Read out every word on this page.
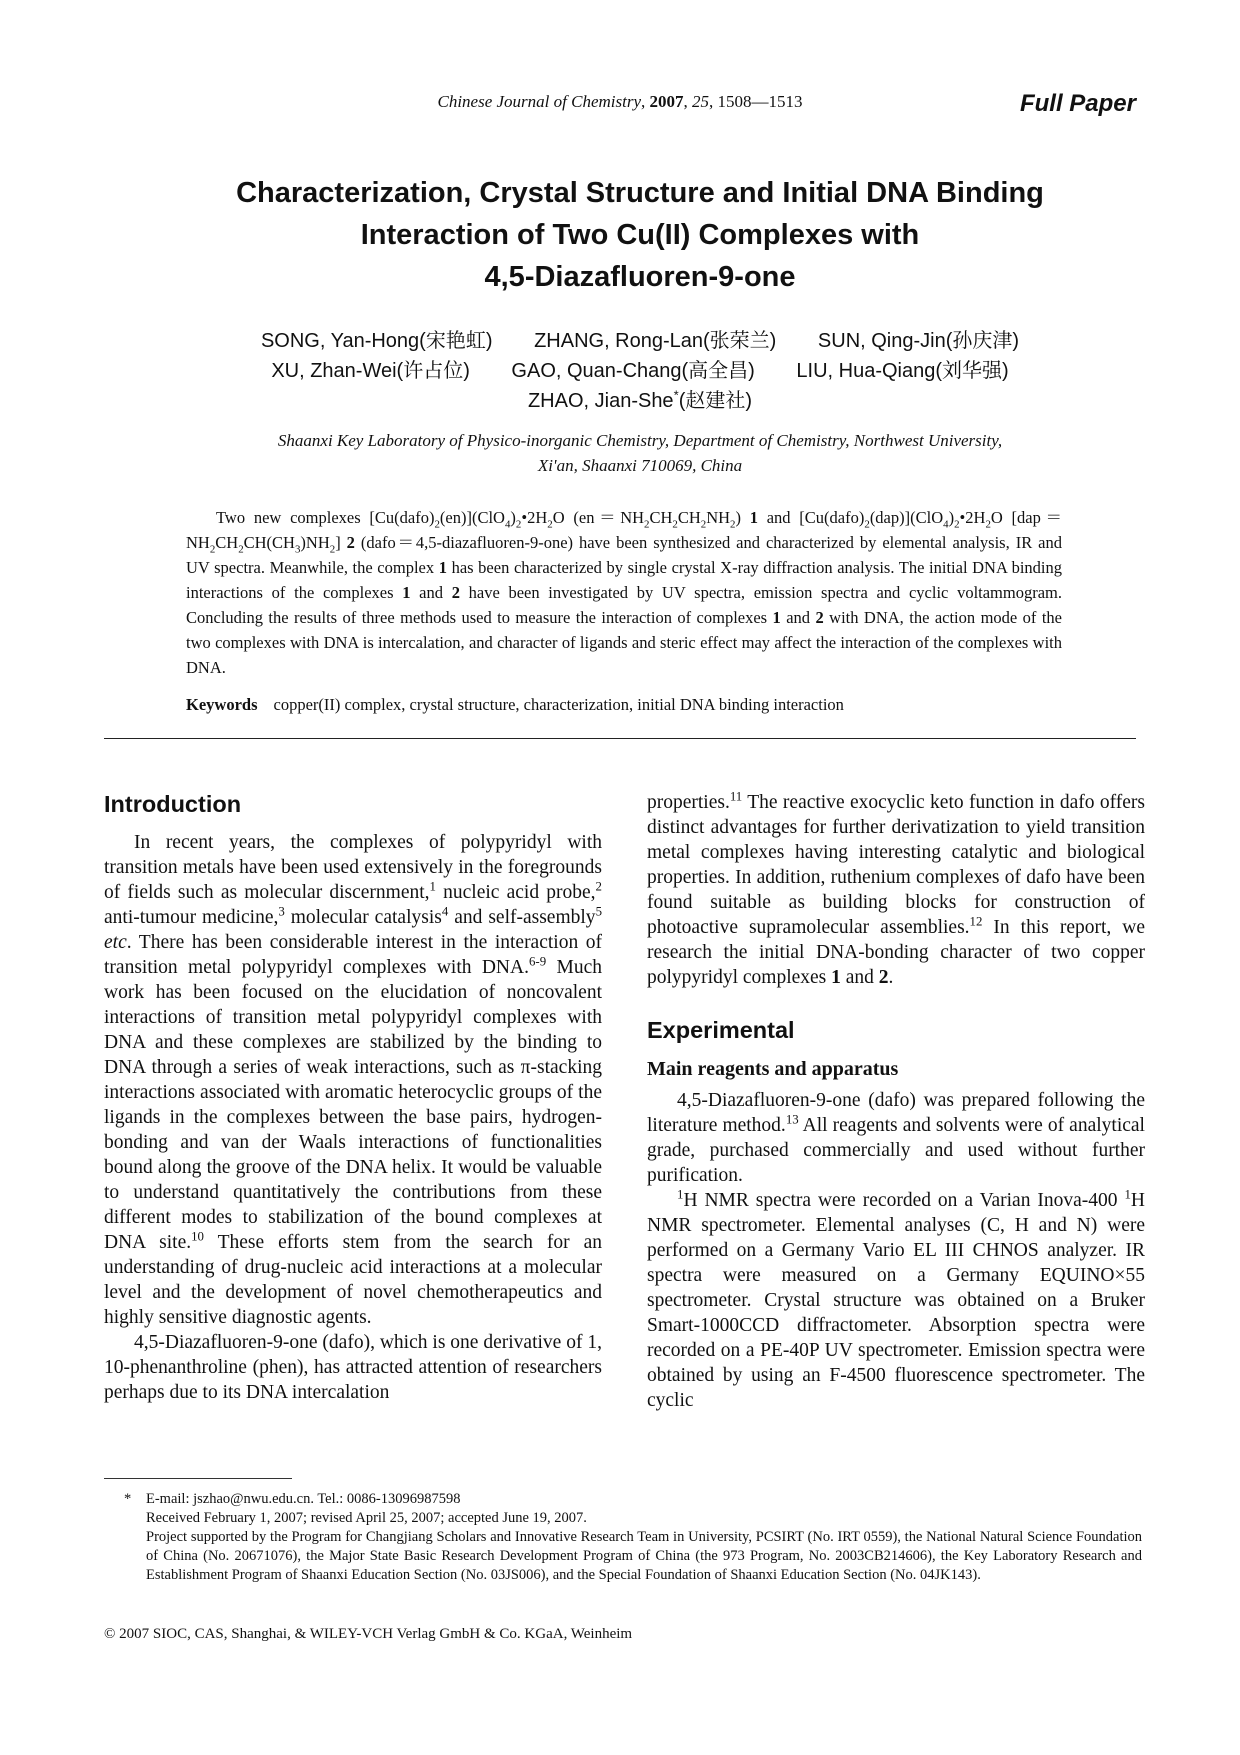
Chinese Journal of Chemistry, 2007, 25, 1508—1513	Full Paper
Characterization, Crystal Structure and Initial DNA Binding
Interaction of Two Cu(II) Complexes with
4,5-Diazafluoren-9-one
SONG, Yan-Hong(宋艳虹) ZHANG, Rong-Lan(张荣兰) SUN, Qing-Jin(孙庆津)
XU, Zhan-Wei(许占位) GAO, Quan-Chang(高全昌) LIU, Hua-Qiang(刘华强)
ZHAO, Jian-She*(赵建社)
Shaanxi Key Laboratory of Physico-inorganic Chemistry, Department of Chemistry, Northwest University,
Xi'an, Shaanxi 710069, China

Two new complexes $[Cu(dafo)_2(en)](ClO_4)_2•2H_2O$ $(en=NH_2CH_2CH_2NH_2)$ 1 and $[Cu(dafo)_2(dap)](ClO_4)_2•2H_2O$ $[dap=NH_2CH_2CH(CH_3)NH_2]$ 2 (dafo＝4,5-diazafluoren-9-one) have been synthesized and characterized by elemental analysis, IR and UV spectra. Meanwhile, the complex 1 has been characterized by single crystal X-ray diffraction analysis. The initial DNA binding interactions of the complexes 1 and 2 have been investigated by UV spectra, emission spectra and cyclic voltammogram. Concluding the results of three methods used to measure the interaction of complexes 1 and 2 with DNA, the action mode of the two complexes with DNA is intercalation, and character of ligands and steric effect may affect the interaction of the complexes with DNA.

Keywords copper(II) complex, crystal structure, characterization, initial DNA binding interaction
Introduction

In recent years, the complexes of polypyridyl with transition metals have been used extensively in the foregrounds of fields such as molecular discernment,$^1$ nucleic acid probe,$^2$ anti-tumour medicine,$^3$ molecular catalysis$^4$ and self-assembly$^5$ etc. There has been considerable interest in the interaction of transition metal polypyridyl complexes with DNA.$^{6-9}$ Much work has been focused on the elucidation of noncovalent interactions of transition metal polypyridyl complexes with DNA and these complexes are stabilized by the binding to DNA through a series of weak interactions, such as π-stacking interactions associated with aromatic heterocyclic groups of the ligands in the complexes between the base pairs, hydrogen-bonding and van der Waals interactions of functionalities bound along the groove of the DNA helix. It would be valuable to understand quantitatively the contributions from these different modes to stabilization of the bound complexes at DNA site.$^{10}$ These efforts stem from the search for an understanding of drug-nucleic acid interactions at a molecular level and the development of novel chemotherapeutics and highly sensitive diagnostic agents.

4,5-Diazafluoren-9-one (dafo), which is one derivative of 1, 10-phenanthroline (phen), has attracted attention of researchers perhaps due to its DNA intercalation

properties.$^{11}$ The reactive exocyclic keto function in dafo offers distinct advantages for further derivatization to yield transition metal complexes having interesting catalytic and biological properties. In addition, ruthenium complexes of dafo have been found suitable as building blocks for construction of photoactive supramolecular assemblies.$^{12}$ In this report, we research the initial DNA-bonding character of two copper polypyridyl complexes 1 and 2.

Experimental
Main reagents and apparatus

4,5-Diazafluoren-9-one (dafo) was prepared following the literature method.$^{13}$ All reagents and solvents were of analytical grade, purchased commercially and used without further purification.

$^1$H NMR spectra were recorded on a Varian Inova-400 $^1$H NMR spectrometer. Elemental analyses (C, H and N) were performed on a Germany Vario EL III CHNOS analyzer. IR spectra were measured on a Germany EQUINO×55 spectrometer. Crystal structure was obtained on a Bruker Smart-1000CCD diffractometer. Absorption spectra were recorded on a PE-40P UV spectrometer. Emission spectra were obtained by using an F-4500 fluorescence spectrometer. The cyclic

* E-mail: jszhao@nwu.edu.cn. Tel.: 0086-13096987598

Received February 1, 2007; revised April 25, 2007; accepted June 19, 2007.

Project supported by the Program for Changjiang Scholars and Innovative Research Team in University, PCSIRT (No. IRT 0559), the National Natural Science Foundation of China (No. 20671076), the Major State Basic Research Development Program of China (the 973 Program, No. 2003CB214606), the Key Laboratory Research and Establishment Program of Shaanxi Education Section (No. 03JS006), and the Special Foundation of Shaanxi Education Section (No. 04JK143).

© 2007 SIOC, CAS, Shanghai, & WILEY-VCH Verlag GmbH & Co. KGaA, Weinheim
